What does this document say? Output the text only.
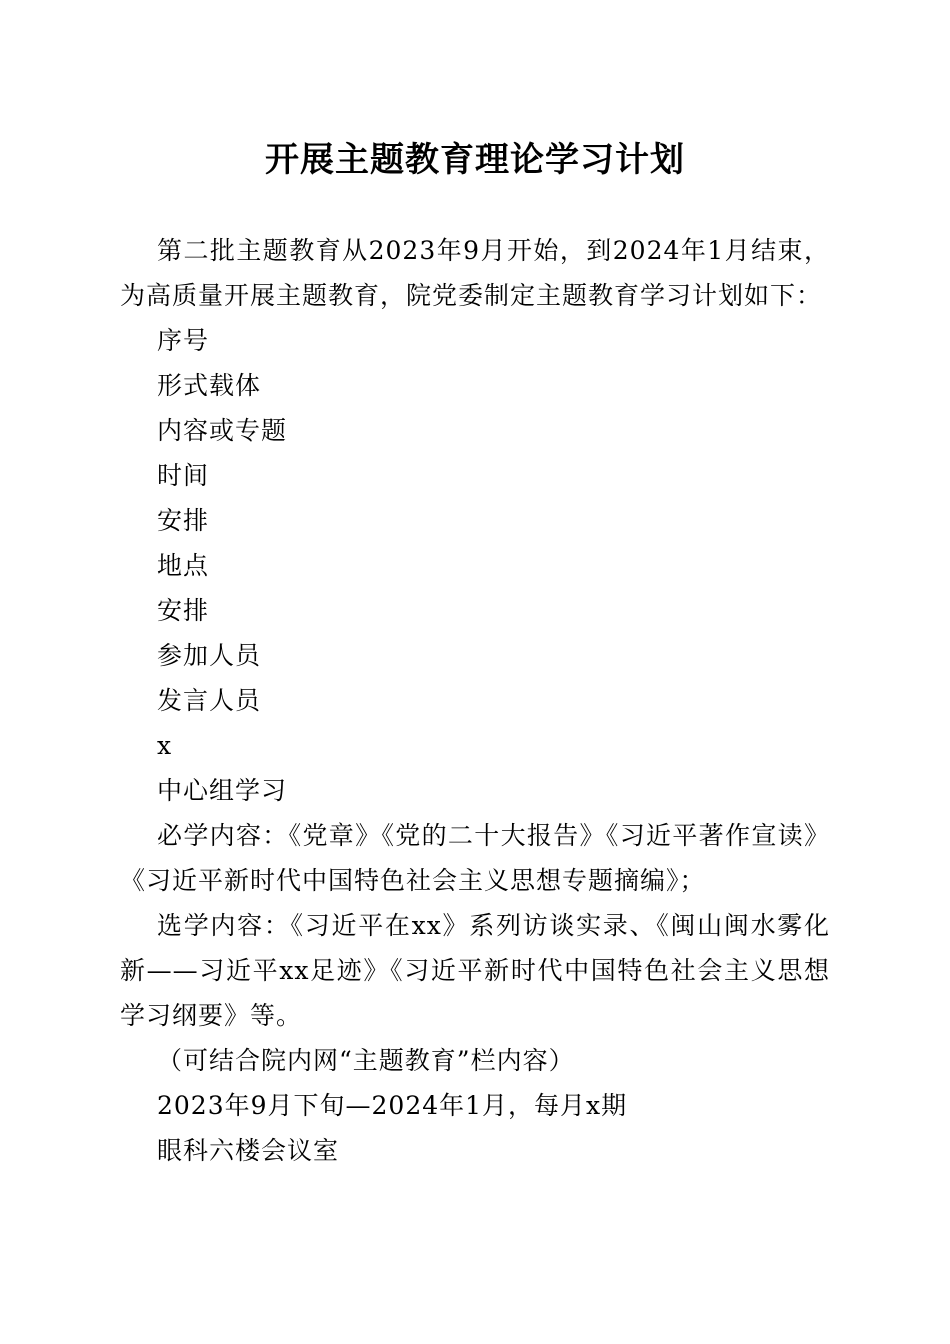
开展主题教育理论学习计划

第二批主题教育从2023年9月开始，到2024年1月结束，为高质量开展主题教育，院党委制定主题教育学习计划如下：

序号

形式载体

内容或专题

时间

安排

地点

安排

参加人员

发言人员

x

中心组学习

必学内容：《党章》《党的二十大报告》《习近平著作宣读》《习近平新时代中国特色社会主义思想专题摘编》；

选学内容：《习近平在xx》系列访谈实录、《闽山闽水雾化新——习近平xx足迹》《习近平新时代中国特色社会主义思想学习纲要》等。

（可结合院内网“主题教育”栏内容）

2023年9月下旬—2024年1月，每月x期

眼科六楼会议室
